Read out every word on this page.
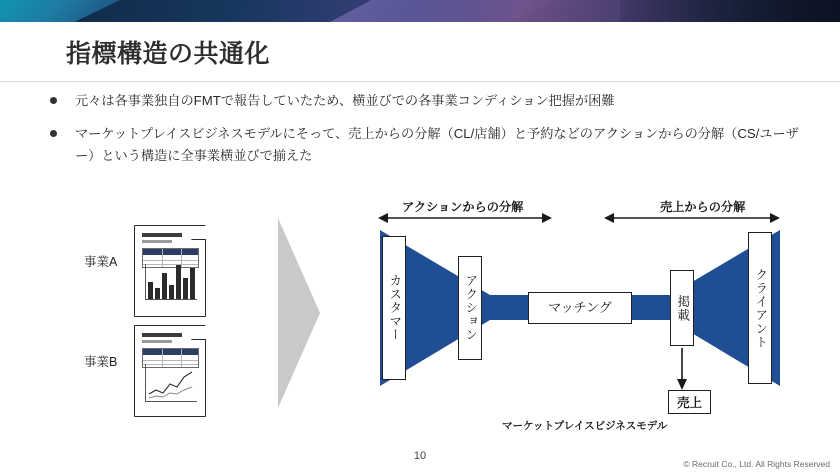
指標構造の共通化
元々は各事業独自のFMTで報告していたため、横並びでの各事業コンディション把握が困難
マーケットプレイスビジネスモデルにそって、売上からの分解（CL/店舗）と予約などのアクションからの分解（CS/ユーザー）という構造に全事業横並びで揃えた
事業A
事業B
アクションからの分解	売上からの分解
カスタマー	アクション	マッチング	掲載	クライアント
売上
マーケットプレイスビジネスモデル
10
© Recruit Co., Ltd. All Rights Reserved
